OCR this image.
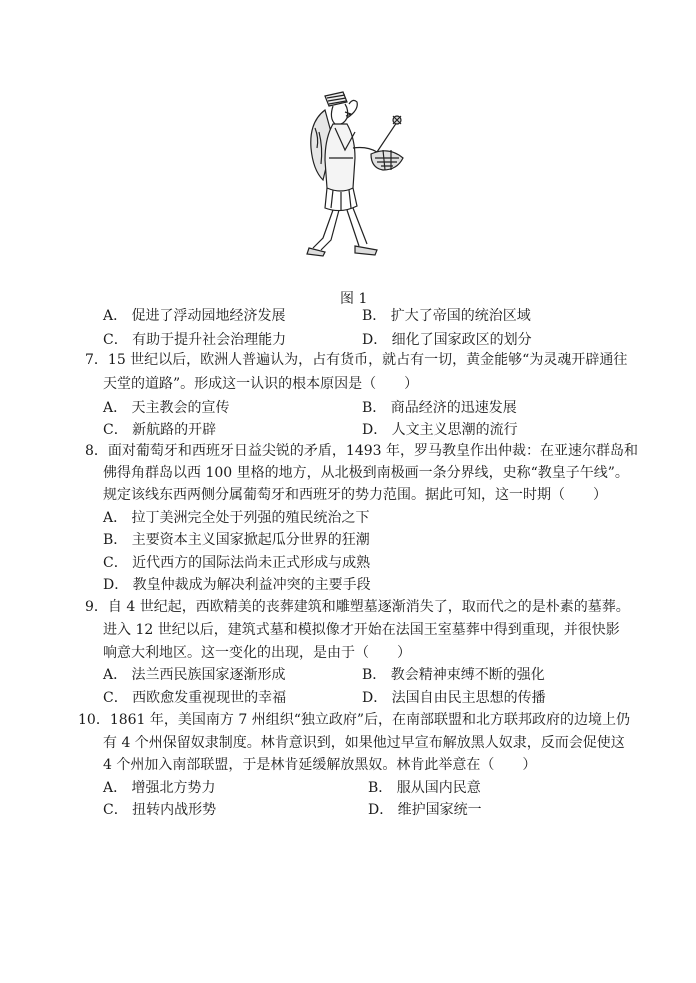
图 1
A． 促进了浮动园地经济发展	B． 扩大了帝国的统治区域
C． 有助于提升社会治理能力	D． 细化了国家政区的划分
7．15 世纪以后，欧洲人普遍认为，占有货币，就占有一切，黄金能够“为灵魂开辟通往
天堂的道路”。形成这一认识的根本原因是（　　）
A． 天主教会的宣传	B． 商品经济的迅速发展
C． 新航路的开辟	D． 人文主义思潮的流行
8．面对葡萄牙和西班牙日益尖锐的矛盾，1493 年，罗马教皇作出仲裁：在亚速尔群岛和
佛得角群岛以西 100 里格的地方，从北极到南极画一条分界线，史称“教皇子午线”。
规定该线东西两侧分属葡萄牙和西班牙的势力范围。据此可知，这一时期（　　）
A． 拉丁美洲完全处于列强的殖民统治之下
B． 主要资本主义国家掀起瓜分世界的狂潮
C． 近代西方的国际法尚未正式形成与成熟
D． 教皇仲裁成为解决利益冲突的主要手段
9．自 4 世纪起，西欧精美的丧葬建筑和雕塑墓逐渐消失了，取而代之的是朴素的墓葬。
进入 12 世纪以后，建筑式墓和模拟像才开始在法国王室墓葬中得到重现，并很快影
响意大利地区。这一变化的出现，是由于（　　）
A． 法兰西民族国家逐渐形成	B． 教会精神束缚不断的强化
C． 西欧愈发重视现世的幸福	D． 法国自由民主思想的传播
10．1861 年，美国南方 7 州组织“独立政府”后，在南部联盟和北方联邦政府的边境上仍
有 4 个州保留奴隶制度。林肯意识到，如果他过早宣布解放黑人奴隶，反而会促使这
4 个州加入南部联盟，于是林肯延缓解放黑奴。林肯此举意在（　　）
A． 增强北方势力	B． 服从国内民意
C． 扭转内战形势	D． 维护国家统一
